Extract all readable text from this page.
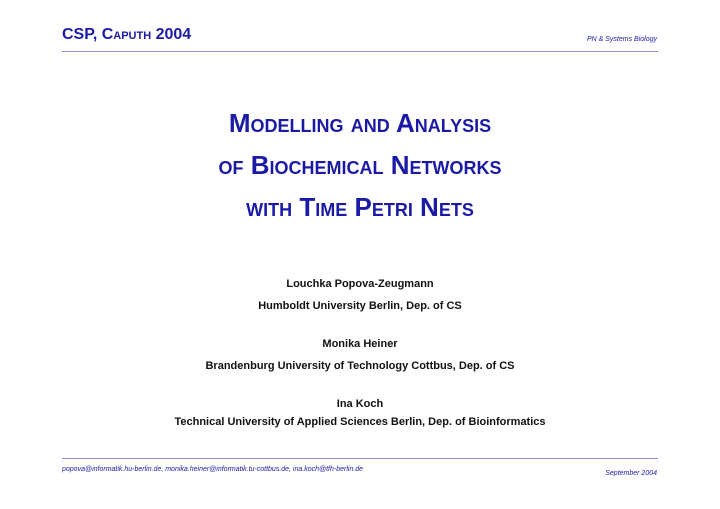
CSP, Caputh 2004	PN & Systems Biology
Modelling and Analysis
of Biochemical Networks
with Time Petri Nets
Louchka Popova-Zeugmann
Humboldt University Berlin, Dep. of CS
Monika Heiner
Brandenburg University of Technology Cottbus, Dep. of CS
Ina Koch
Technical University of Applied Sciences Berlin, Dep. of Bioinformatics
popova@informatik.hu-berlin.de, monika.heiner@informatik.tu-cottbus.de, ina.koch@tfh-berlin.de
September 2004
